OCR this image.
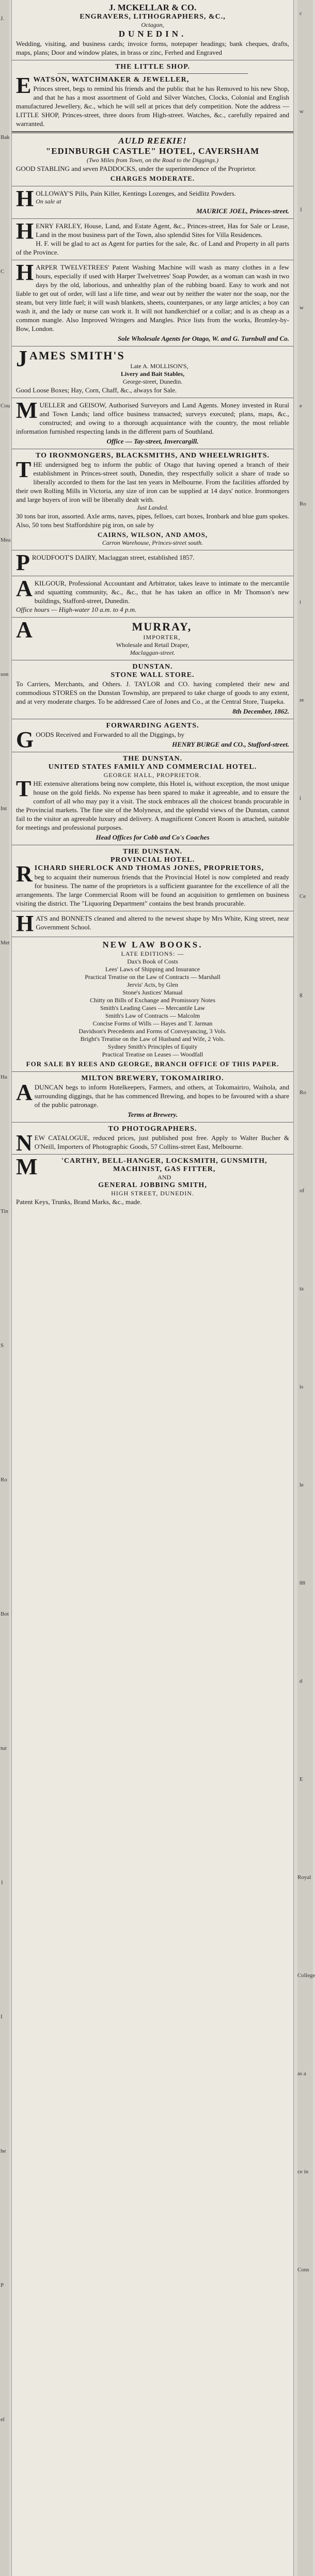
J.
Bak
C
Cou
Mea
son
Int
Met
Ha
Tin
S
Ro
Bot
tur
1
I
he
P
el
c
w
1
w
e
Ro
i
re
i
Ce
g
Ro
of
ta
is
le
88
d
E
Royal
College
as a
ce in
Cons
J. MCKELLAR & CO.
ENGRAVERS, LITHOGRAPHERS, &C.,
Octagon,
DUNEDIN.
Wedding, visiting, and business cards; invoice forms, notepaper headings; bank cheques, drafts, maps, plans; Door and window plates, in brass or zinc, Ferhed and Engraved
THE LITTLE SHOP.
E WATSON, WATCHMAKER & JEWELLER,
Princes street, begs to remind his friends and the public that he has Removed to his new Shop, and that he has a most assortment of Gold and Silver Watches, Clocks, Colonial and English manufactured Jewellery, &c., which he will sell at prices that defy competition. Note the address — LITTLE SHOP, Princes-street, three doors from High-street. Watches, &c., carefully repaired and warranted.
AULD REEKIE!
"EDINBURGH CASTLE" HOTEL, CAVERSHAM
(Two Miles from Town, on the Road to the Diggings.)
GOOD STABLING and seven PADDOCKS, under the superintendence of the Proprietor.
CHARGES MODERATE.
H OLLOWAY'S Pills, Pain Killer, Kentings Lozenges, and Seidlitz Powders.
On sale at
MAURICE JOEL, Princes-street.
H ENRY FARLEY, House, Land, and Estate Agent, &c., Princes-street, Has for Sale or Lease, Land in the most business part of the Town, also splendid Sites for Villa Residences.
H. F. will be glad to act as Agent for parties for the sale, &c. of Land and Property in all parts of the Province.
H ARPER TWELVETREES' Patent Washing Machine will wash as many clothes in a few hours, especially if used with Harper Twelvetrees' Soap Powder, as a woman can wash in two days by the old, laborious, and unhealthy plan of the rubbing board. Easy to work and not liable to get out of order, will last a life time, and wear out by neither the water nor the soap, nor the steam, but very little fuel; it will wash blankets, sheets, counterpanes, or any large articles; a boy can wash it, and the lady or nurse can work it. It will not handkerchief or a collar; and is as cheap as a common mangle. Also Improved Wringers and Mangles. Price lists from the works, Bromley-by-Bow, London.
Sole Wholesale Agents for Otago, W. and G. Turnbull and Co.
J AMES SMITH'S
Late A. MOLLISON'S,
Livery and Bait Stables,
George-street, Dunedin.
Good Loose Boxes; Hay, Corn, Chaff, &c., always for Sale.
M UELLER and GEISOW, Authorised Surveyors and Land Agents. Money invested in Rural and Town Lands; land office business transacted; surveys executed; plans, maps, &c., constructed; and owing to a thorough acquaintance with the country, the most reliable information furnished respecting lands in the different parts of Southland.
Office — Tay-street, Invercargill.
TO IRONMONGERS, BLACKSMITHS, AND WHEELWRIGHTS.
T HE undersigned beg to inform the public of Otago that having opened a branch of their establishment in Princes-street south, Dunedin, they respectfully solicit a share of trade so liberally accorded to them for the last ten years in Melbourne. From the facilities afforded by their own Rolling Mills in Victoria, any size of iron can be supplied at 14 days' notice. Ironmongers and large buyers of iron will be liberally dealt with.
Just Landed.
30 tons bar iron, assorted. Axle arms, naves, pipes, felloes, cart boxes, Ironbark and blue gum spokes. Also, 50 tons best Staffordshire pig iron, on sale by
CAIRNS, WILSON, AND AMOS,
Carron Warehouse, Princes-street south.
P ROUDFOOT'S DAIRY, Maclaggan street, established 1857.
A KILGOUR, Professional Accountant and Arbitrator, takes leave to intimate to the mercantile and squatting community, &c., &c., that he has taken an office in Mr Thomson's new buildings, Stafford-street, Dunedin.
Office hours — High-water 10 a.m. to 4 p.m.
A	MURRAY,
IMPORTER,
Wholesale and Retail Draper,
Maclaggan-street.
DUNSTAN.
STONE WALL STORE.
To Carriers, Merchants, and Others. J. TAYLOR and CO. having completed their new and commodious STORES on the Dunstan Township, are prepared to take charge of goods to any extent, and at very moderate charges. To be addressed Care of Jones and Co., at the Central Store, Tuapeka.
8th December, 1862.
FORWARDING AGENTS.
G OODS Received and Forwarded to all the Diggings, by
HENRY BURGE and CO., Stafford-street.
THE DUNSTAN.
UNITED STATES FAMILY AND COMMERCIAL HOTEL.
GEORGE HALL, PROPRIETOR.
T HE extensive alterations being now complete, this Hotel is, without exception, the most unique house on the gold fields. No expense has been spared to make it agreeable, and to ensure the comfort of all who may pay it a visit. The stock embraces all the choicest brands procurable in the Provincial markets. The fine site of the Molyneux, and the splendid views of the Dunstan, cannot fail to the visitor an agreeable luxury and delivery. A magnificent Concert Room is attached, suitable for meetings and professional purposes.
Head Offices for Cobb and Co's Coaches
THE DUNSTAN.
PROVINCIAL HOTEL.
R ICHARD SHERLOCK AND THOMAS JONES, PROPRIETORS,
beg to acquaint their numerous friends that the Provincial Hotel is now completed and ready for business. The name of the proprietors is a sufficient guarantee for the excellence of all the arrangements. The large Commercial Room will be found an acquisition to gentlemen on business visiting the district. The "Liquoring Department" contains the best brands procurable.
H ATS and BONNETS cleaned and altered to the newest shape by Mrs White, King street, near Government School.
NEW LAW BOOKS.
LATE EDITIONS: —
Dax's Book of Costs
Lees' Laws of Shipping and Insurance
Practical Treatise on the Law of Contracts — Marshall
Jervis' Acts, by Glen
Stone's Justices' Manual
Chitty on Bills of Exchange and Promissory Notes
Smith's Leading Cases — Mercantile Law
Smith's Law of Contracts — Malcolm
Concise Forms of Wills — Hayes and T. Jarman
Davidson's Precedents and Forms of Conveyancing, 3 Vols.
Bright's Treatise on the Law of Husband and Wife, 2 Vols.
Sydney Smith's Principles of Equity
Practical Treatise on Leases — Woodfall
FOR SALE BY REES AND GEORGE, BRANCH OFFICE OF THIS PAPER.
MILTON BREWERY, TOKOMAIRIRO.
A DUNCAN begs to inform Hotelkeepers, Farmers, and others, at Tokomairiro, Waihola, and surrounding diggings, that he has commenced Brewing, and hopes to be favoured with a share of the public patronage.
Terms at Brewery.
TO PHOTOGRAPHERS.
N EW CATALOGUE, reduced prices, just published post free. Apply to Walter Bucher & O'Neill, Importers of Photographic Goods, 57 Collins-street East, Melbourne.
M	'CARTHY, BELL-HANGER, LOCKSMITH, GUNSMITH, MACHINIST, GAS FITTER,
AND
GENERAL JOBBING SMITH,
HIGH STREET, DUNEDIN.
Patent Keys, Trunks, Brand Marks, &c., made.
